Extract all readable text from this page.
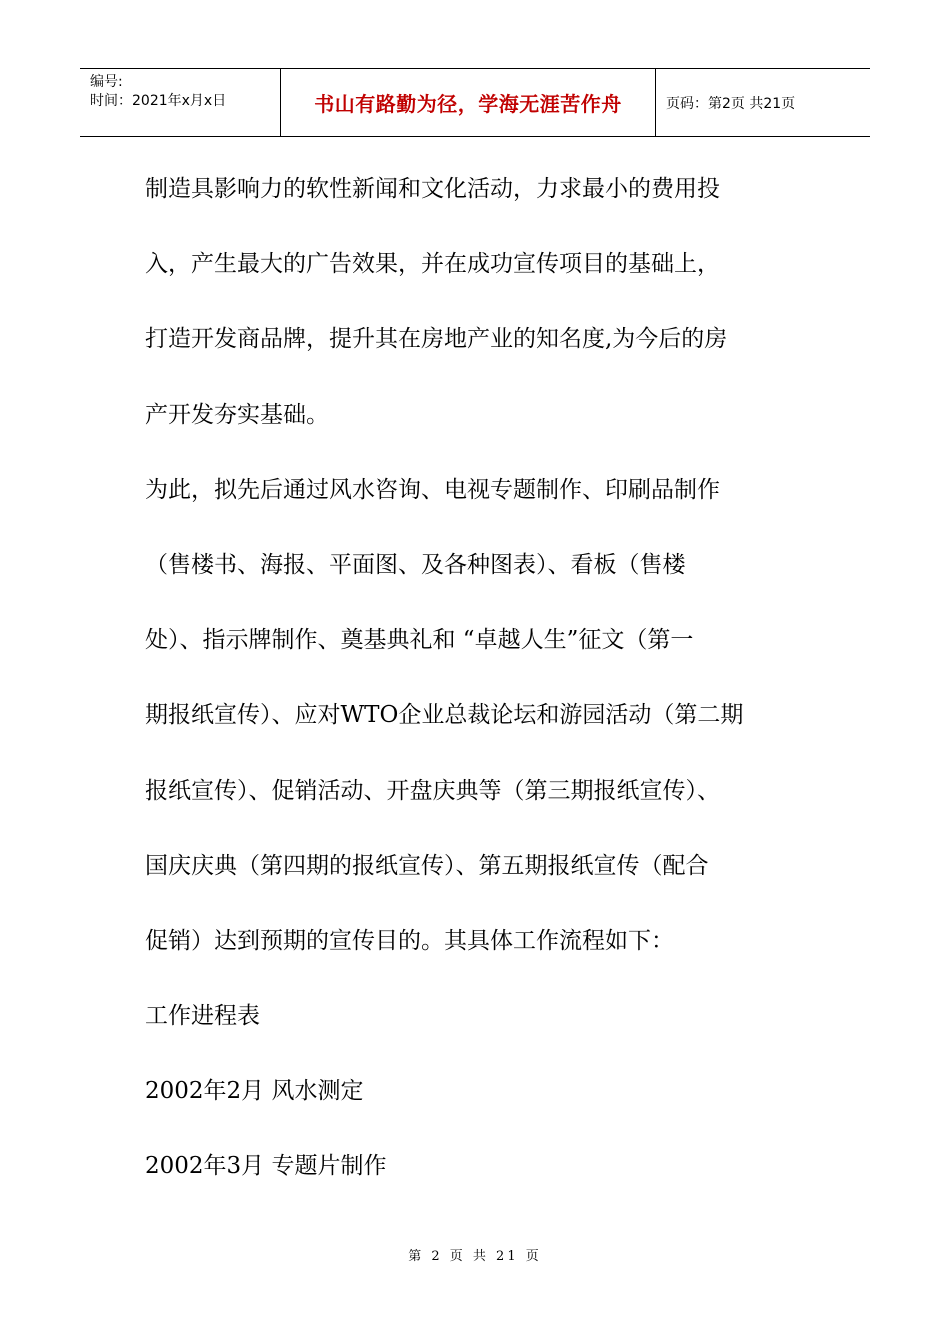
编号:
时间：2021年x月x日	书山有路勤为径，学海无涯苦作舟	页码：第2页 共21页
制造具影响力的软性新闻和文化活动，力求最小的费用投
入，产生最大的广告效果，并在成功宣传项目的基础上，
打造开发商品牌，提升其在房地产业的知名度,为今后的房
产开发夯实基础。
为此，拟先后通过风水咨询、电视专题制作、印刷品制作
（售楼书、海报、平面图、及各种图表）、看板（售楼
处）、指示牌制作、奠基典礼和 “卓越人生”征文（第一
期报纸宣传）、应对WTO企业总裁论坛和游园活动（第二期
报纸宣传）、促销活动、开盘庆典等（第三期报纸宣传）、
国庆庆典（第四期的报纸宣传）、第五期报纸宣传（配合
促销）达到预期的宣传目的。其具体工作流程如下：
工作进程表
2002年2月 风水测定
2002年3月 专题片制作
第 2 页 共 21 页
